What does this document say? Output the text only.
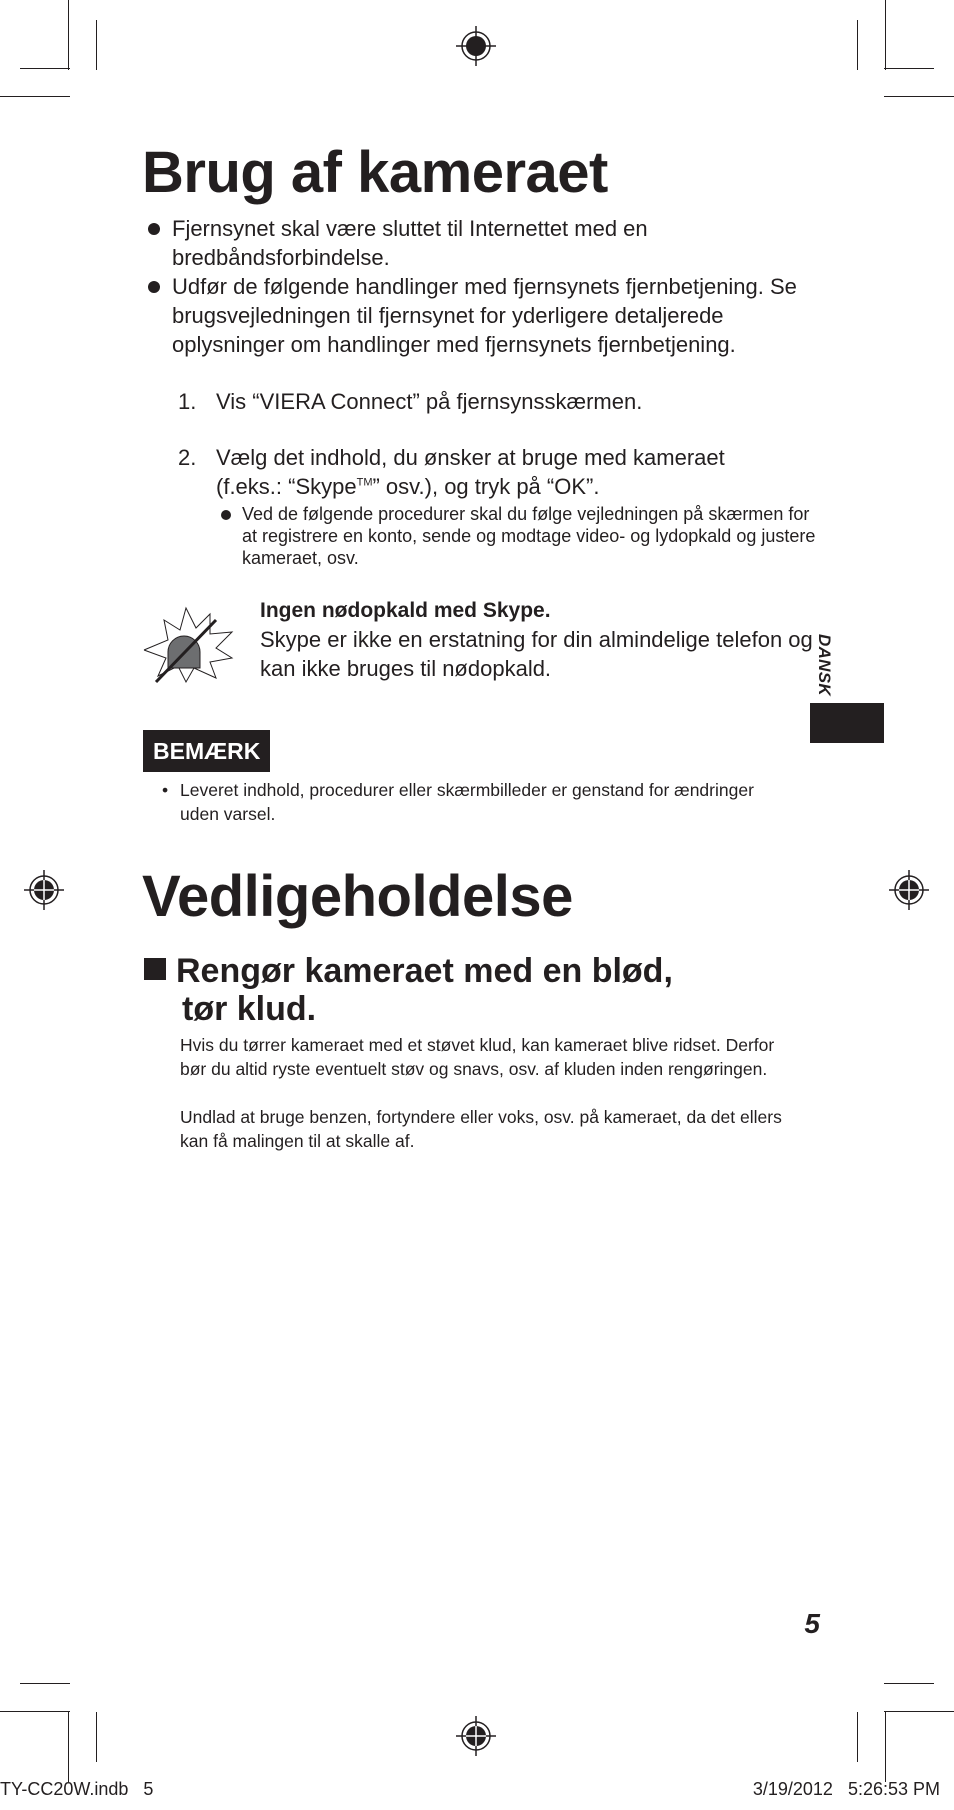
Brug af kameraet
Fjernsynet skal være sluttet til Internettet med en bredbåndsforbindelse.
Udfør de følgende handlinger med fjernsynets fjernbetjening. Se brugsvejledningen til fjernsynet for yderligere detaljerede oplysninger om handlinger med fjernsynets fjernbetjening.
1. Vis “VIERA Connect” på fjernsynsskærmen.
2. Vælg det indhold, du ønsker at bruge med kameraet
(f.eks.: “Skype™” osv.), og tryk på “OK”.
Ved de følgende procedurer skal du følge vejledningen på skærmen for at registrere en konto, sende og modtage video- og lydopkald og justere kameraet, osv.
Ingen nødopkald med Skype.
Skype er ikke en erstatning for din almindelige telefon og kan ikke bruges til nødopkald.	DANSK
BEMÆRK
• Leveret indhold, procedurer eller skærmbilleder er genstand for ændringer uden varsel.
Vedligeholdelse
Rengør kameraet med en blød,
tør klud.
Hvis du tørrer kameraet med et støvet klud, kan kameraet blive ridset. Derfor bør du altid ryste eventuelt støv og snavs, osv. af kluden inden rengøringen.
Undlad at bruge benzen, fortyndere eller voks, osv. på kameraet, da det ellers kan få malingen til at skalle af.
5
TY-CC20W.indb   5	3/19/2012   5:26:53 PM
